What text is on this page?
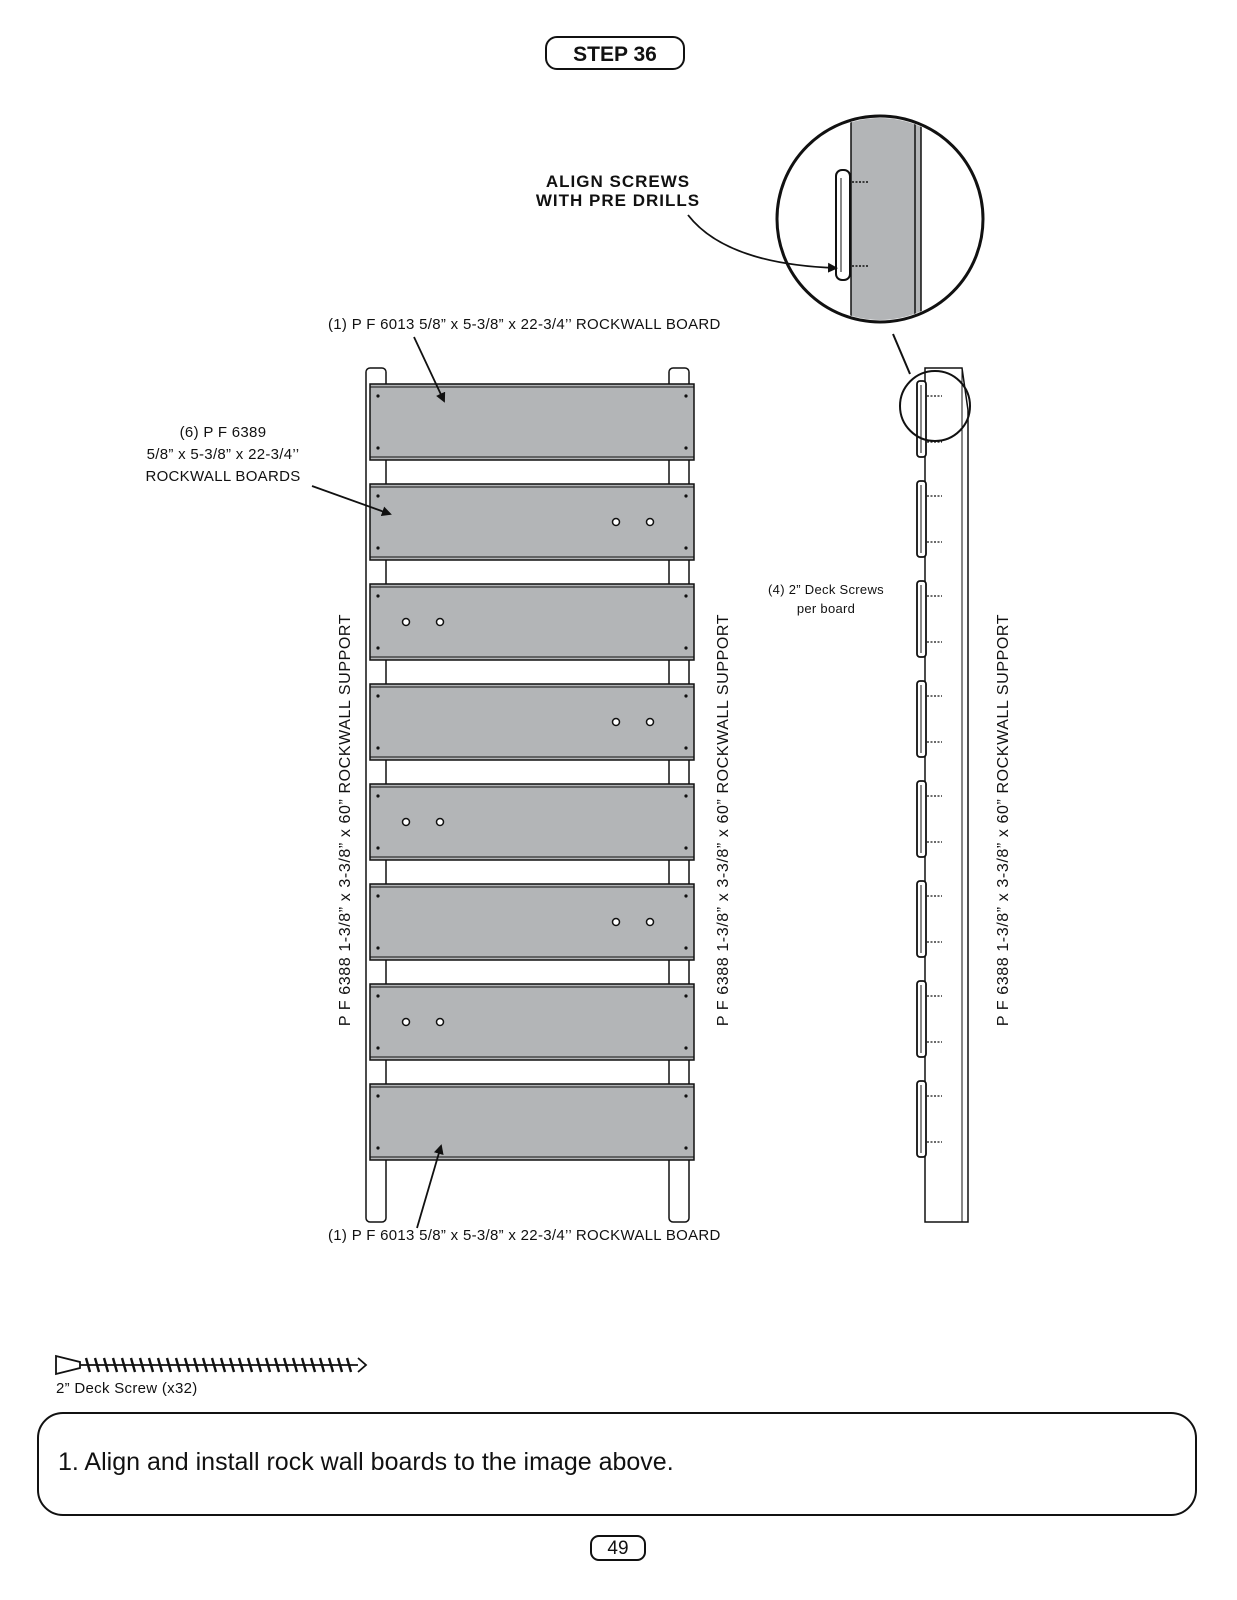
STEP 36
ALIGN SCREWS
WITH PRE DRILLS
(1) P F 6013 5/8” x 5-3/8” x 22-3/4’’ ROCKWALL BOARD
(1) P F 6013 5/8” x 5-3/8” x 22-3/4’’ ROCKWALL BOARD
(6) P F 6389
5/8” x 5-3/8” x 22-3/4’’
ROCKWALL BOARDS
(4) 2” Deck Screws
per board
P F 6388 1-3/8” x 3-3/8” x 60” ROCKWALL SUPPORT	P F 6388 1-3/8” x 3-3/8” x 60” ROCKWALL SUPPORT	P F 6388 1-3/8” x 3-3/8” x 60” ROCKWALL SUPPORT
2” Deck Screw (x32)
1. Align and install rock wall boards to the image above.
49
